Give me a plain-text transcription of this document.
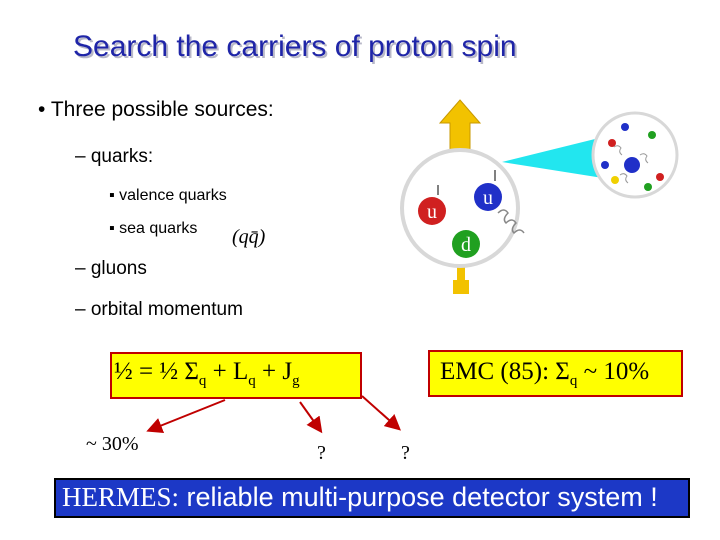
Search the carriers of proton spin
• Three possible sources:
– quarks:
▪ valence quarks
▪ sea quarks (qq̄)
– gluons
– orbital momentum
u
u
d
½ = ½ $\Sigma_q + L_q + J_g$	EMC (85): $\Sigma_q$ ~ 10%
~ 30%	?	?
HERMES: reliable multi-purpose detector system !
